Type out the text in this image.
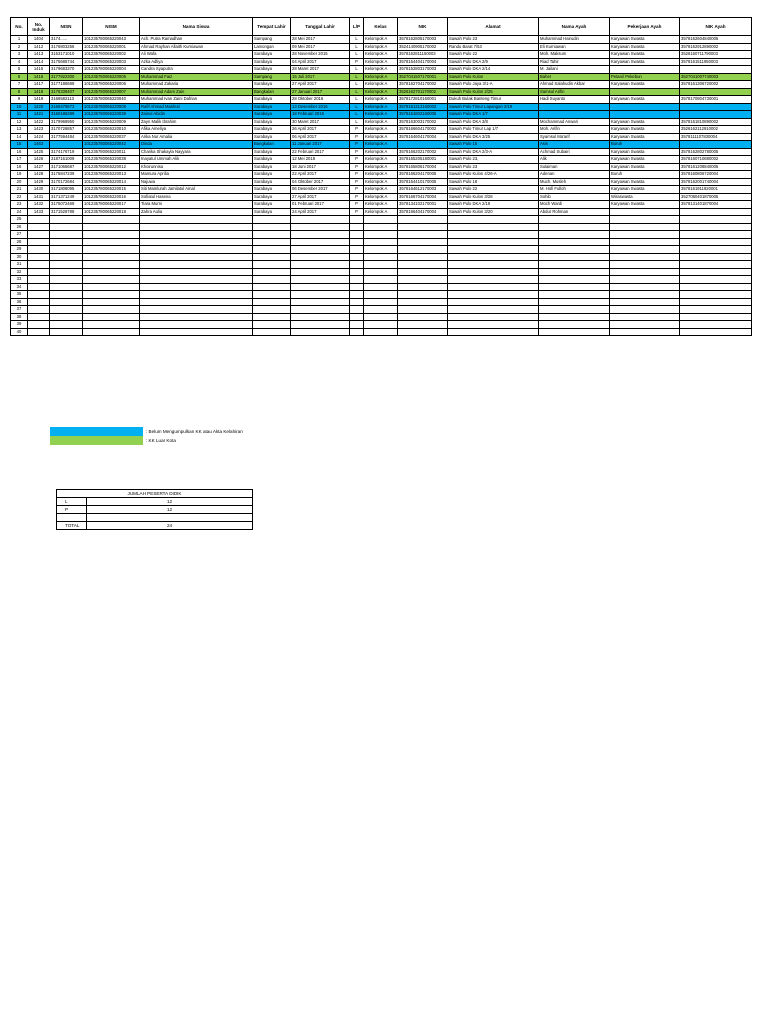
No.	No. Induk	NISN	NISM	Nama Siswa	Tempat Lahir	Tanggal Lahir	L/P	Kelas	NIK	Alamat	Nama Ayah	Pekerjaan Ayah	NIK Ayah
1	1404	3174......	101235780065220043	Ach. Putra Ramadhan	Sampang	28 Mei 2017	L	Kelompok A	3578162805170003	Sawah Pulo 23	Muhammad Hairudin	Karyawan Swasta	3578162604840005
2	1412	3176803256	101235780065220001	Ahmad Rayhan Allaith Kurniawan	Lamongan	09 Mei 2017	L	Kelompok A	3524140905170002	Randu Barat 7/53	Eli Kurniawan	Karyawan Swasta	3578162912890002
3	1413	3153171010	101235780065220002	Ali Wafa	Surabaya	28 November 2015	L	Kelompok A	3578162811150003	Sawah Pulo 22	Moh. Maksum	Karyawan Swasta	3526160711790003
4	1414	3175685744	101235780065220003	Azka Adliya	Surabaya	04 April 2017	P	Kelompok A	3578164404170004	Sawah Pulo DKA 2/9	Riad Tahir	Karyawan Swasta	3578161511950003
5	1415	3179683370	101235780065220004	Candra Syaputra	Surabaya	28 Maret 2017	L	Kelompok A	3578152803170003	Sawah Pulo DKA 2/14	M. Jailani		
6	1416	3177922300	101235780065220005	Muhammad Faiz	Sampang	15 Juli 2017	L	Kelompok A	3527041507170001	Sawah Pulo Kulon	Baher	Petani/ Pekebun	3527041007740003
7	1417	3177186689	101235780065220006	Muhammad Zakaria	Surabaya	27 April 2017	L	Kelompok A	3578162704170002	Sawah Pulo Jaya 3/1-A	Ahmad Salahudin Akbar	Karyawan Swasta	3578161306720002
8	1418	3176339407	101235780065220007	Muhammad Adam Zain	Bangkalan	27 Januari 2017	L	Kelompok A	3526162701170002	Sawah Pulo Kulon 2/25	Samsul Arifin		
9	1419	3166582113	101235780065220040	Muhammad Ivan Zaini Dafrian	Surabaya	28 Oktober 2016	L	Kelompok A	3578172810160001	Dukuh Bulak Banteng Timur	Hadi Suyanto	Karyawan Swasta	3578170804730001
10	1420	3169479673	101235780065220008	Rafif Ahmad Mashuti	Surabaya	13 Desember 2016	L	Kelompok A	3578161312160003	Sawah Pulo Timur Lapangan 2/19			
11	1421	3160186289	101235780065220039	Zainul Abidin	Surabaya	18 Februari 2016	L	Kelompok A	3578161802160005	Sawah Pulo DKA 1/7			
12	1422	3179968950	101235780065220009	Zayn Malik Ibrahim	Surabaya	30 Maret 2017	L	Kelompok A	3578163003170002	Sawah Pulo DKA 3/8	Mochammad Anwari	Karyawan Swasta	3578161810890002
13	1423	3170726857	101235780065220010	Afika Ameliya	Surabaya	26 April 2017	P	Kelompok A	3578166604170002	Sawah Pulo Timur Lap 1/7	Moh. Arifin	Karyawan Swasta	3526162112910002
14	1424	3177594484	101235780065220037	Arika Nur Amalia	Surabaya	06 April 2017	P	Kelompok A	3578164604170004	Sawah Pulo DKA 3/25	Syamsul Ma'arif	Karyawan Swasta	3578111107830004
15	1463		101235780065220042	Dinda	Bangkalan	11 Januari 2017	P	Kelompok A		Sawah Pulo 15	Asis	Buruh	
16	1425	3174176719	101235780065220011	Charika Shakayla Nayyara	Surabaya	22 Februari 2017	P	Kelompok A	3578166202170002	Sawah Pulo DKA 2/3-A	Achmad Subairi	Karyawan Swasta	3578162802780005
17	1426	3187161009	101235780065220038	Inayatul Ummah Alik	Surabaya	12 Mei 2018	P	Kelompok A	3578165205180001	Sawah Pulo 23,	Alik	Karyawan Swasta	3578160710880002
18	1427	3171065687	101235780065220012	Khoirunnisa	Surabaya	18 Juni 2017	P	Kelompok A	3578165806170004	Sawah Pulo 23	Sulaiman	Karyawan Swasta	3578161208840005
19	1428	3175847239	101235780065220013	Mamura Aprilia	Surabaya	22 April 2017	P	Kelompok A	3578166204170005	Sawah Pulo Kulon 4/26-A	Adenan	Buruh	3578160806720004
20	1429	3170172684	101235780065220014	Najuwa	Surabaya	04 Oktober 2017	P	Kelompok A	3578164410170005	Sawah Pulo 18	Much. Musleh	Karyawan Swasta	3578162001740004
21	1430	3171808095	101235780065220015	Siti Mamlurah Jamilatul Amal	Surabaya	06 Desember 2017	P	Kelompok A	3578164612170003	Sawah Pulo 22	M. Hofi Fulloh	Karyawan Swasta	3578161911820001
22	1431	3171371249	101235780065220016	Sofiatul Hasena	Surabaya	27 April 2017	P	Kelompok A	3578166704170004	Sawah Pulo Kulon 3/28	Sohib	Wiraswasta	3527080401870005
23	1432	3175072469	101235780065220017	Tiara Murni	Surabaya	01 Februari 2017	P	Kelompok A	3578134102170001	Sawah Pulo DKA 2/19	Moch Wardi	Karyawan Swasta	3578131401870004
24	1433	3171526788	101235780065220018	Zahra Aulia	Surabaya	24 April 2017	P	Kelompok A	3578166404170004	Sawah Pulo Kulon 3/20	Abdur Rohman		
25													
26													
27													
28													
29													
30													
31													
32													
33													
34													
35													
36													
37													
38													
39													
40													
: Belum Mengumpulkan KK atau Akta Kelahiran
: KK Luar Kota
JUMLAH PESERTA DIDIK	
L	12
P	12

TOTAL	24
